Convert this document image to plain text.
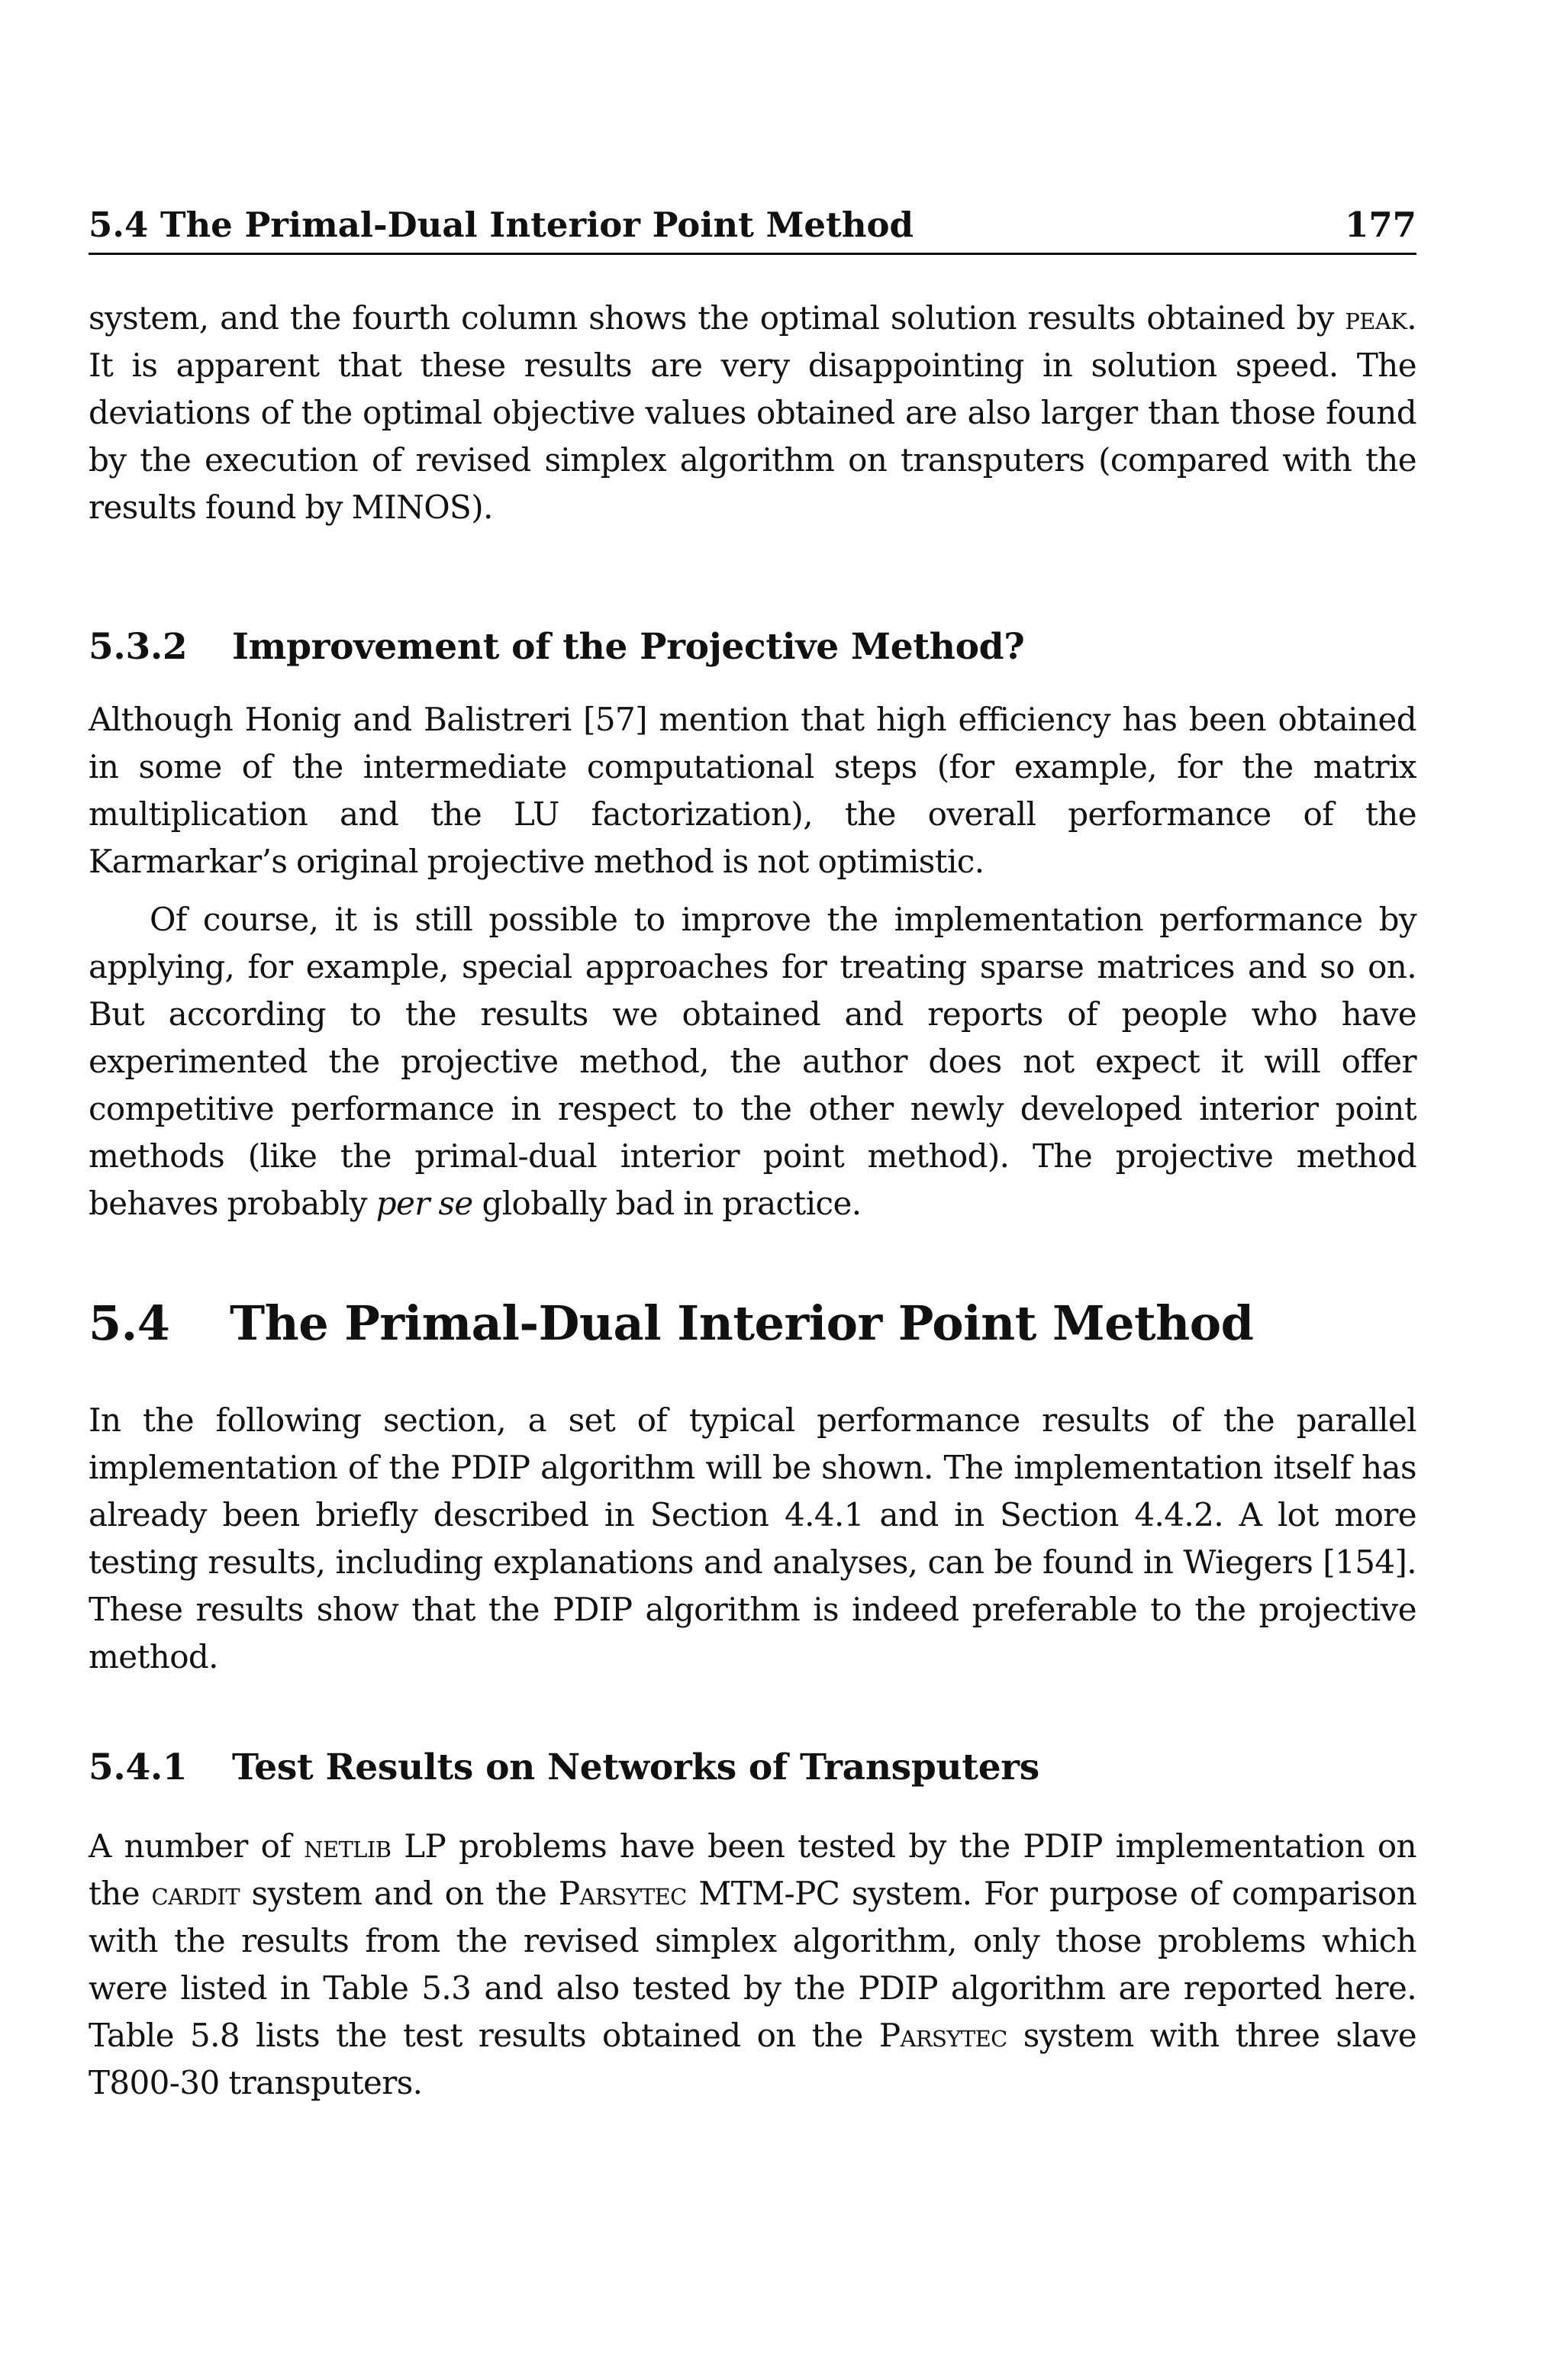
5.4 The Primal-Dual Interior Point Method	177

system, and the fourth column shows the optimal solution results obtained by peak. It is apparent that these results are very disappointing in solution speed. The deviations of the optimal objective values obtained are also larger than those found by the execution of revised simplex algorithm on transputers (compared with the results found by MINOS).

5.3.2 Improvement of the Projective Method?

Although Honig and Balistreri [57] mention that high efficiency has been obtained in some of the intermediate computational steps (for example, for the matrix multiplication and the LU factorization), the overall performance of the Karmarkar’s original projective method is not optimistic.

Of course, it is still possible to improve the implementation performance by applying, for example, special approaches for treating sparse matrices and so on. But according to the results we obtained and reports of people who have experimented the projective method, the author does not expect it will offer competitive performance in respect to the other newly developed interior point methods (like the primal-dual interior point method). The projective method behaves probably per se globally bad in practice.

5.4 The Primal-Dual Interior Point Method

In the following section, a set of typical performance results of the parallel implementation of the PDIP algorithm will be shown. The implementation itself has already been briefly described in Section 4.4.1 and in Section 4.4.2. A lot more testing results, including explanations and analyses, can be found in Wiegers [154]. These results show that the PDIP algorithm is indeed preferable to the projective method.

5.4.1 Test Results on Networks of Transputers

A number of netlib LP problems have been tested by the PDIP implementation on the cardit system and on the Parsytec MTM-PC system. For purpose of comparison with the results from the revised simplex algorithm, only those problems which were listed in Table 5.3 and also tested by the PDIP algorithm are reported here. Table 5.8 lists the test results obtained on the Parsytec system with three slave T800-30 transputers.
